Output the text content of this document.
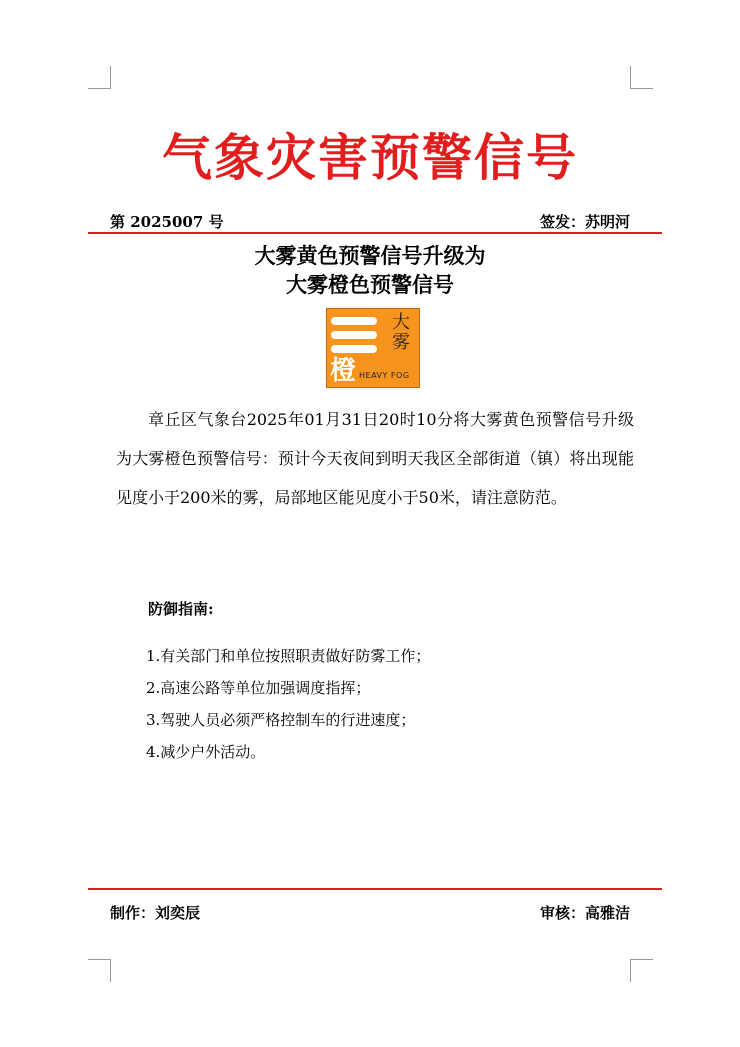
气象灾害预警信号
第 2025007 号	签发：苏明河
大雾黄色预警信号升级为
大雾橙色预警信号
橙
大雾
HEAVY FOG
章丘区气象台2025年01月31日20时10分将大雾黄色预警信号升级为大雾橙色预警信号：预计今天夜间到明天我区全部街道（镇）将出现能见度小于200米的雾，局部地区能见度小于50米，请注意防范。
防御指南:
1.有关部门和单位按照职责做好防雾工作；
2.高速公路等单位加强调度指挥；
3.驾驶人员必须严格控制车的行进速度；
4.减少户外活动。
制作：刘奕辰	审核：高雅洁
